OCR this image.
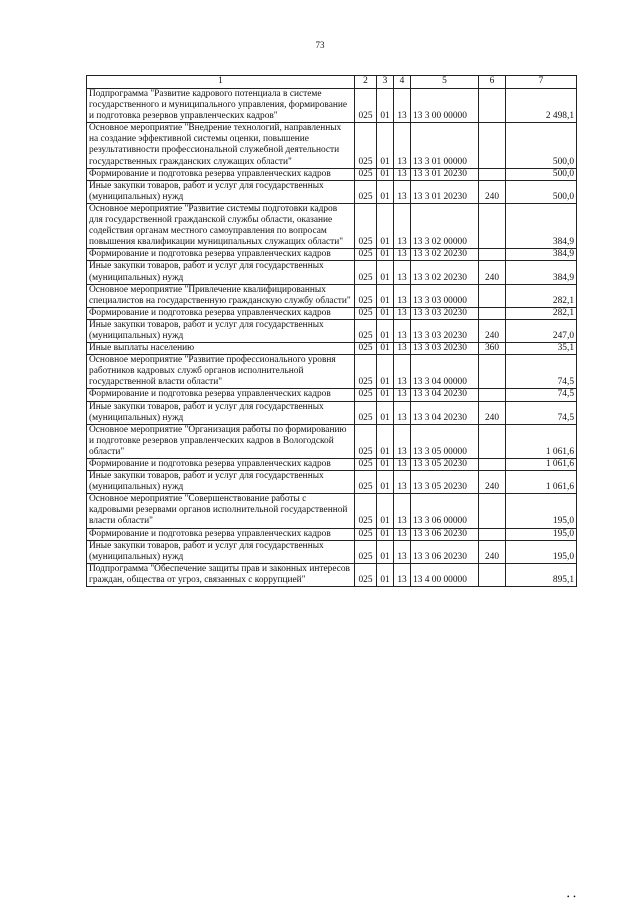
73
1	2	3	4	5	6	7
Подпрограмма "Развитие кадрового потенциала в системе государственного и муниципального управления, формирование и подготовка резервов управленческих кадров"	025	01	13	13 3 00 00000		2 498,1
Основное мероприятие "Внедрение технологий, направленных на создание эффективной системы оценки, повышение результативности профессиональной служебной деятельности государственных гражданских служащих области"	025	01	13	13 3 01 00000		500,0
Формирование и подготовка резерва управленческих кадров	025	01	13	13 3 01 20230		500,0
Иные закупки товаров, работ и услуг для государственных (муниципальных) нужд	025	01	13	13 3 01 20230	240	500,0
Основное мероприятие "Развитие системы подготовки кадров для государственной гражданской службы области, оказание содействия органам местного самоуправления по вопросам повышения квалификации муниципальных служащих области"	025	01	13	13 3 02 00000		384,9
Формирование и подготовка резерва управленческих кадров	025	01	13	13 3 02 20230		384,9
Иные закупки товаров, работ и услуг для государственных (муниципальных) нужд	025	01	13	13 3 02 20230	240	384,9
Основное мероприятие "Привлечение квалифицированных специалистов на государственную гражданскую службу области"	025	01	13	13 3 03 00000		282,1
Формирование и подготовка резерва управленческих кадров	025	01	13	13 3 03 20230		282,1
Иные закупки товаров, работ и услуг для государственных (муниципальных) нужд	025	01	13	13 3 03 20230	240	247,0
Иные выплаты населению	025	01	13	13 3 03 20230	360	35,1
Основное мероприятие "Развитие профессионального уровня работников кадровых служб органов исполнительной государственной власти области"	025	01	13	13 3 04 00000		74,5
Формирование и подготовка резерва управленческих кадров	025	01	13	13 3 04 20230		74,5
Иные закупки товаров, работ и услуг для государственных (муниципальных) нужд	025	01	13	13 3 04 20230	240	74,5
Основное мероприятие "Организация работы по формированию и подготовке резервов управленческих кадров в Вологодской области"	025	01	13	13 3 05 00000		1 061,6
Формирование и подготовка резерва управленческих кадров	025	01	13	13 3 05 20230		1 061,6
Иные закупки товаров, работ и услуг для государственных (муниципальных) нужд	025	01	13	13 3 05 20230	240	1 061,6
Основное мероприятие "Совершенствование работы с кадровыми резервами органов исполнительной государственной власти области"	025	01	13	13 3 06 00000		195,0
Формирование и подготовка резерва управленческих кадров	025	01	13	13 3 06 20230		195,0
Иные закупки товаров, работ и услуг для государственных (муниципальных) нужд	025	01	13	13 3 06 20230	240	195,0
Подпрограмма "Обеспечение защиты прав и законных интересов граждан, общества от угроз, связанных с коррупцией"	025	01	13	13 4 00 00000		895,1
• •
